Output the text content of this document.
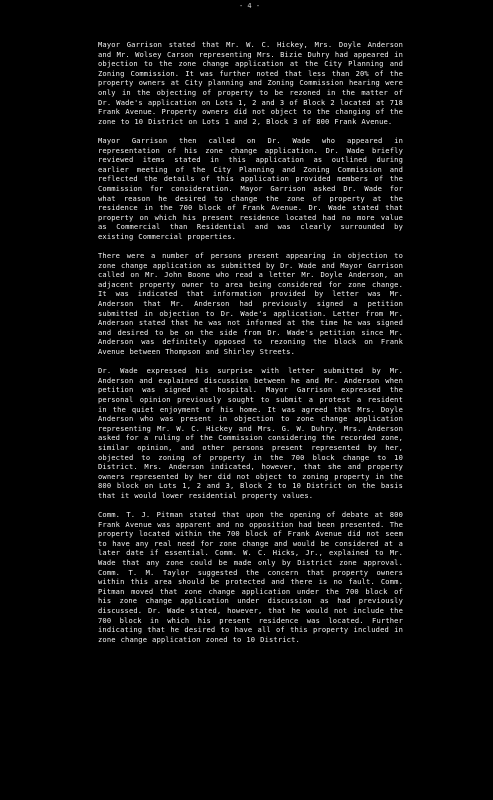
- 4 -

Mayor Garrison stated that Mr. W. C. Hickey, Mrs. Doyle Anderson and Mr. Wolsey Carson representing Mrs. Bizie Duhry had appeared in objection to the zone change application at the City Planning and Zoning Commission. It was further noted that less than 20% of the property owners at City planning and Zoning Commission hearing were only in the objecting of property to be rezoned in the matter of Dr. Wade's application on Lots 1, 2 and 3 of Block 2 located at 718 Frank Avenue. Property owners did not object to the changing of the zone to 10 District on Lots 1 and 2, Block 3 of 800 Frank Avenue.

Mayor Garrison then called on Dr. Wade who appeared in representation of his zone change application. Dr. Wade briefly reviewed items stated in this application as outlined during earlier meeting of the City Planning and Zoning Commission and reflected the details of this application provided members of the Commission for consideration. Mayor Garrison asked Dr. Wade for what reason he desired to change the zone of property at the residence in the 700 block of Frank Avenue. Dr. Wade stated that property on which his present residence located had no more value as Commercial than Residential and was clearly surrounded by existing Commercial properties.

There were a number of persons present appearing in objection to zone change application as submitted by Dr. Wade and Mayor Garrison called on Mr. John Boone who read a letter Mr. Doyle Anderson, an adjacent property owner to area being considered for zone change. It was indicated that information provided by letter was Mr. Anderson that Mr. Anderson had previously signed a petition submitted in objection to Dr. Wade's application. Letter from Mr. Anderson stated that he was not informed at the time he was signed and desired to be on the side from Dr. Wade's petition since Mr. Anderson was definitely opposed to rezoning the block on Frank Avenue between Thompson and Shirley Streets.

Dr. Wade expressed his surprise with letter submitted by Mr. Anderson and explained discussion between he and Mr. Anderson when petition was signed at hospital. Mayor Garrison expressed the personal opinion previously sought to submit a protest a resident in the quiet enjoyment of his home. It was agreed that Mrs. Doyle Anderson who was present in objection to zone change application representing Mr. W. C. Hickey and Mrs. G. W. Duhry. Mrs. Anderson asked for a ruling of the Commission considering the recorded zone, similar opinion, and other persons present represented by her, objected to zoning of property in the 700 block change to 10 District. Mrs. Anderson indicated, however, that she and property owners represented by her did not object to zoning property in the 800 block on Lots 1, 2 and 3, Block 2 to 10 District on the basis that it would lower residential property values.

Comm. T. J. Pitman stated that upon the opening of debate at 800 Frank Avenue was apparent and no opposition had been presented. The property located within the 700 block of Frank Avenue did not seem to have any real need for zone change and would be considered at a later date if essential. Comm. W. C. Hicks, Jr., explained to Mr. Wade that any zone could be made only by District zone approval. Comm. T. M. Taylor suggested the concern that property owners within this area should be protected and there is no fault. Comm. Pitman moved that zone change application under the 700 block of his zone change application under discussion as had previously discussed. Dr. Wade stated, however, that he would not include the 700 block in which his present residence was located. Further indicating that he desired to have all of this property included in zone change application zoned to 10 District.
